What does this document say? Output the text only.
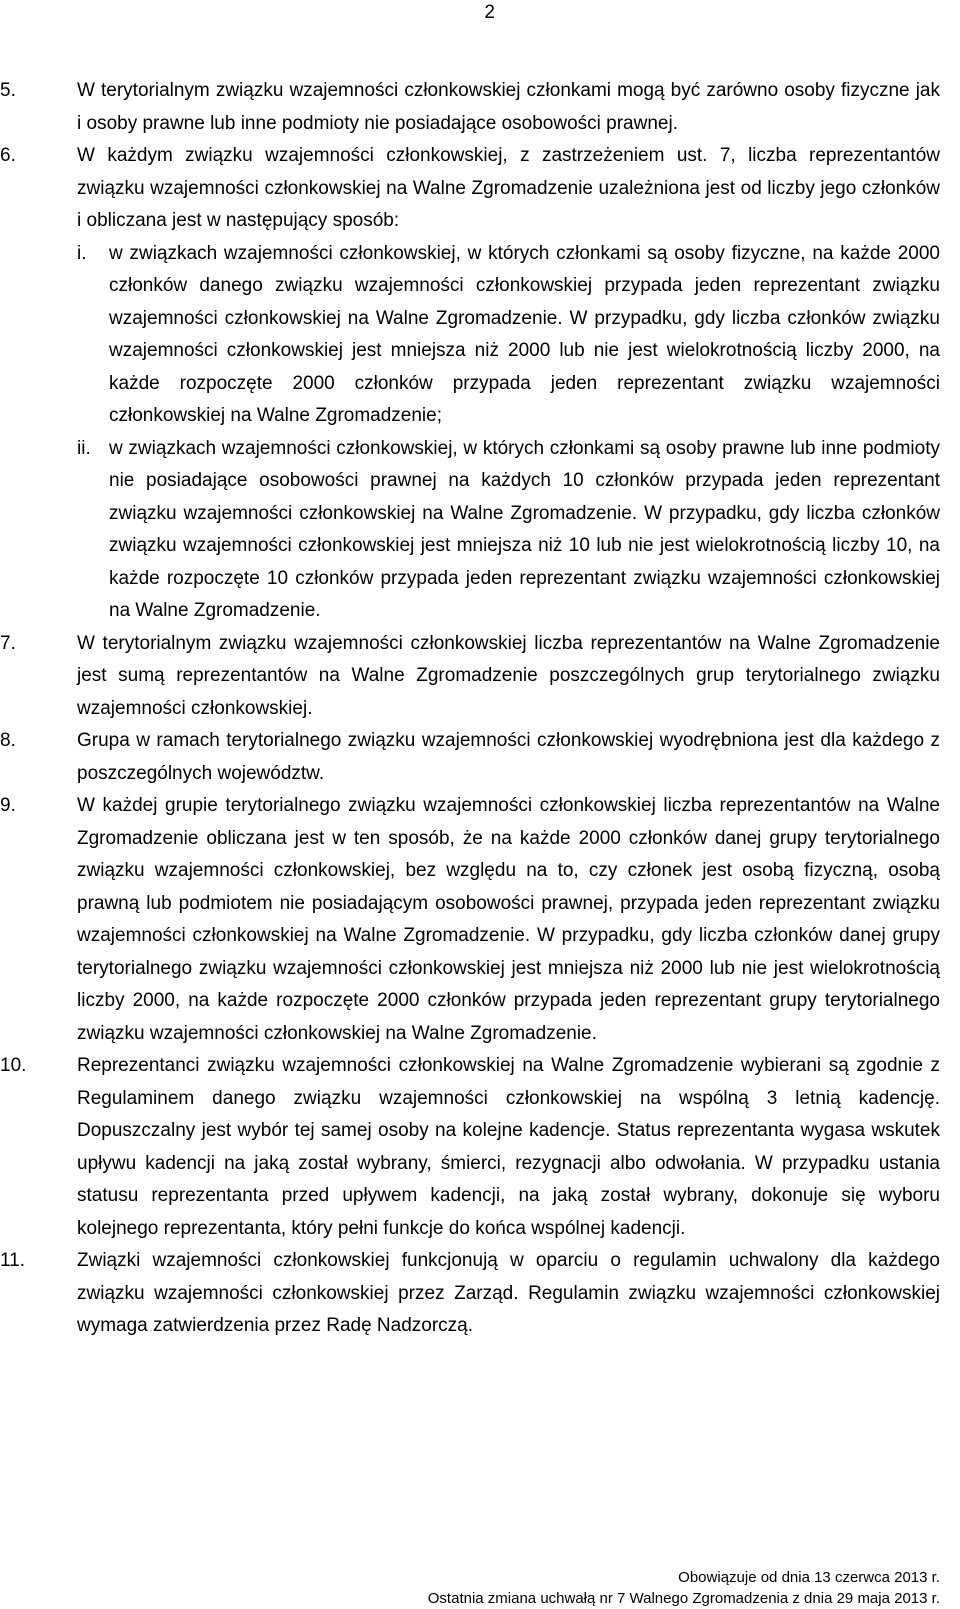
2
5.	W terytorialnym związku wzajemności członkowskiej członkami mogą być zarówno osoby fizyczne jak i osoby prawne lub inne podmioty nie posiadające osobowości prawnej.
6.	W każdym związku wzajemności członkowskiej, z zastrzeżeniem ust. 7, liczba reprezentantów związku wzajemności członkowskiej na Walne Zgromadzenie uzależniona jest od liczby jego członków i obliczana jest w następujący sposób:
i. w związkach wzajemności członkowskiej, w których członkami są osoby fizyczne, na każde 2000 członków danego związku wzajemności członkowskiej przypada jeden reprezentant związku wzajemności członkowskiej na Walne Zgromadzenie. W przypadku, gdy liczba członków związku wzajemności członkowskiej jest mniejsza niż 2000 lub nie jest wielokrotnością liczby 2000, na każde rozpoczęte 2000 członków przypada jeden reprezentant związku wzajemności członkowskiej na Walne Zgromadzenie;
ii. w związkach wzajemności członkowskiej, w których członkami są osoby prawne lub inne podmioty nie posiadające osobowości prawnej na każdych 10 członków przypada jeden reprezentant związku wzajemności członkowskiej na Walne Zgromadzenie. W przypadku, gdy liczba członków związku wzajemności członkowskiej jest mniejsza niż 10 lub nie jest wielokrotnością liczby 10, na każde rozpoczęte 10 członków przypada jeden reprezentant związku wzajemności członkowskiej na Walne Zgromadzenie.
7.	W terytorialnym związku wzajemności członkowskiej liczba reprezentantów na Walne Zgromadzenie jest sumą reprezentantów na Walne Zgromadzenie poszczególnych grup terytorialnego związku wzajemności członkowskiej.
8.	Grupa w ramach terytorialnego związku wzajemności członkowskiej wyodrębniona jest dla każdego z poszczególnych województw.
9.	W każdej grupie terytorialnego związku wzajemności członkowskiej liczba reprezentantów na Walne Zgromadzenie obliczana jest w ten sposób, że na każde 2000 członków danej grupy terytorialnego związku wzajemności członkowskiej, bez względu na to, czy członek jest osobą fizyczną, osobą prawną lub podmiotem nie posiadającym osobowości prawnej, przypada jeden reprezentant związku wzajemności członkowskiej na Walne Zgromadzenie. W przypadku, gdy liczba członków danej grupy terytorialnego związku wzajemności członkowskiej jest mniejsza niż 2000 lub nie jest wielokrotnością liczby 2000, na każde rozpoczęte 2000 członków przypada jeden reprezentant grupy terytorialnego związku wzajemności członkowskiej na Walne Zgromadzenie.
10.	Reprezentanci związku wzajemności członkowskiej na Walne Zgromadzenie wybierani są zgodnie z Regulaminem danego związku wzajemności członkowskiej na wspólną 3 letnią kadencję. Dopuszczalny jest wybór tej samej osoby na kolejne kadencje. Status reprezentanta wygasa wskutek upływu kadencji na jaką został wybrany, śmierci, rezygnacji albo odwołania. W przypadku ustania statusu reprezentanta przed upływem kadencji, na jaką został wybrany, dokonuje się wyboru kolejnego reprezentanta, który pełni funkcje do końca wspólnej kadencji.
11.	Związki wzajemności członkowskiej funkcjonują w oparciu o regulamin uchwalony dla każdego związku wzajemności członkowskiej przez Zarząd. Regulamin związku wzajemności członkowskiej wymaga zatwierdzenia przez Radę Nadzorczą.
Obowiązuje od dnia 13 czerwca 2013 r.
Ostatnia zmiana uchwałą nr 7 Walnego Zgromadzenia z dnia 29 maja 2013 r.
